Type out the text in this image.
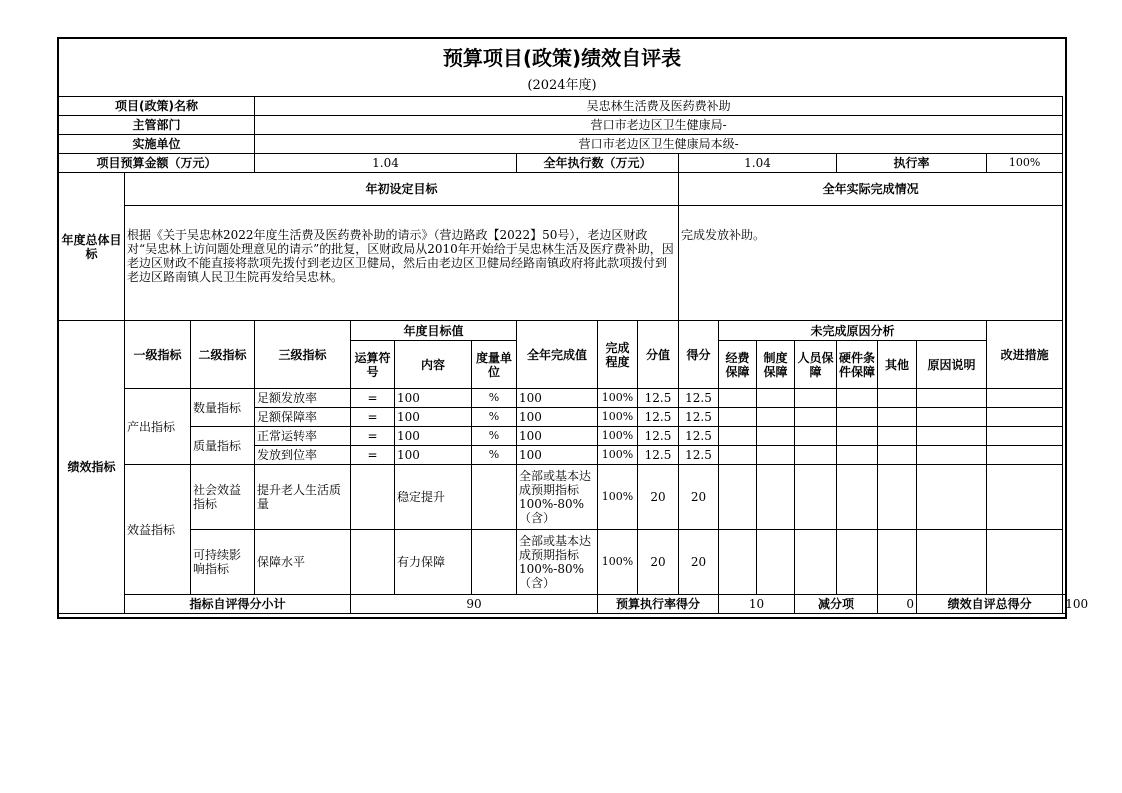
预算项目(政策)绩效自评表
(2024年度)
项目(政策)名称			吴忠林生活费及医药费补助															
主管部门			营口市老边区卫生健康局-															
实施单位			营口市老边区卫生健康局本级-															
项目预算金额（万元）			1.04				全年执行数（万元）			1.04				执行率			100%	
年度总体目标	年初设定目标									全年实际完成情况								
	根据《关于吴忠林2022年度生活费及医药费补助的请示》（营边路政【2022】50号），老边区财政对“吴忠林上访问题处理意见的请示”的批复，区财政局从2010年开始给于吴忠林生活及医疗费补助，因老边区财政不能直接将款项先拨付到老边区卫健局，然后由老边区卫健局经路南镇政府将此款项拨付到老边区路南镇人民卫生院再发给吴忠林。									完成发放补助。								
绩效指标	一级指标	二级指标	三级指标	年度目标值			全年完成值	完成程度	分值	得分	未完成原因分析						改进措施	
				运算符号	内容	度量单位					经费保障	制度保障	人员保障	硬件条件保障	其他	原因说明		
	产出指标	数量指标	足额发放率	=	100	%	100	100%	12.5	12.5								
			足额保障率	=	100	%	100	100%	12.5	12.5								
		质量指标	正常运转率	=	100	%	100	100%	12.5	12.5								
			发放到位率	=	100	%	100	100%	12.5	12.5								
	效益指标	社会效益指标	提升老人生活质量		稳定提升		全部或基本达成预期指标100%-80%（含）	100%	20	20								
		可持续影响指标	保障水平		有力保障		全部或基本达成预期指标100%-80%（含）	100%	20	20								
	指标自评得分小计			90				预算执行率得分			10		减分项		0	绩效自评总得分		100
